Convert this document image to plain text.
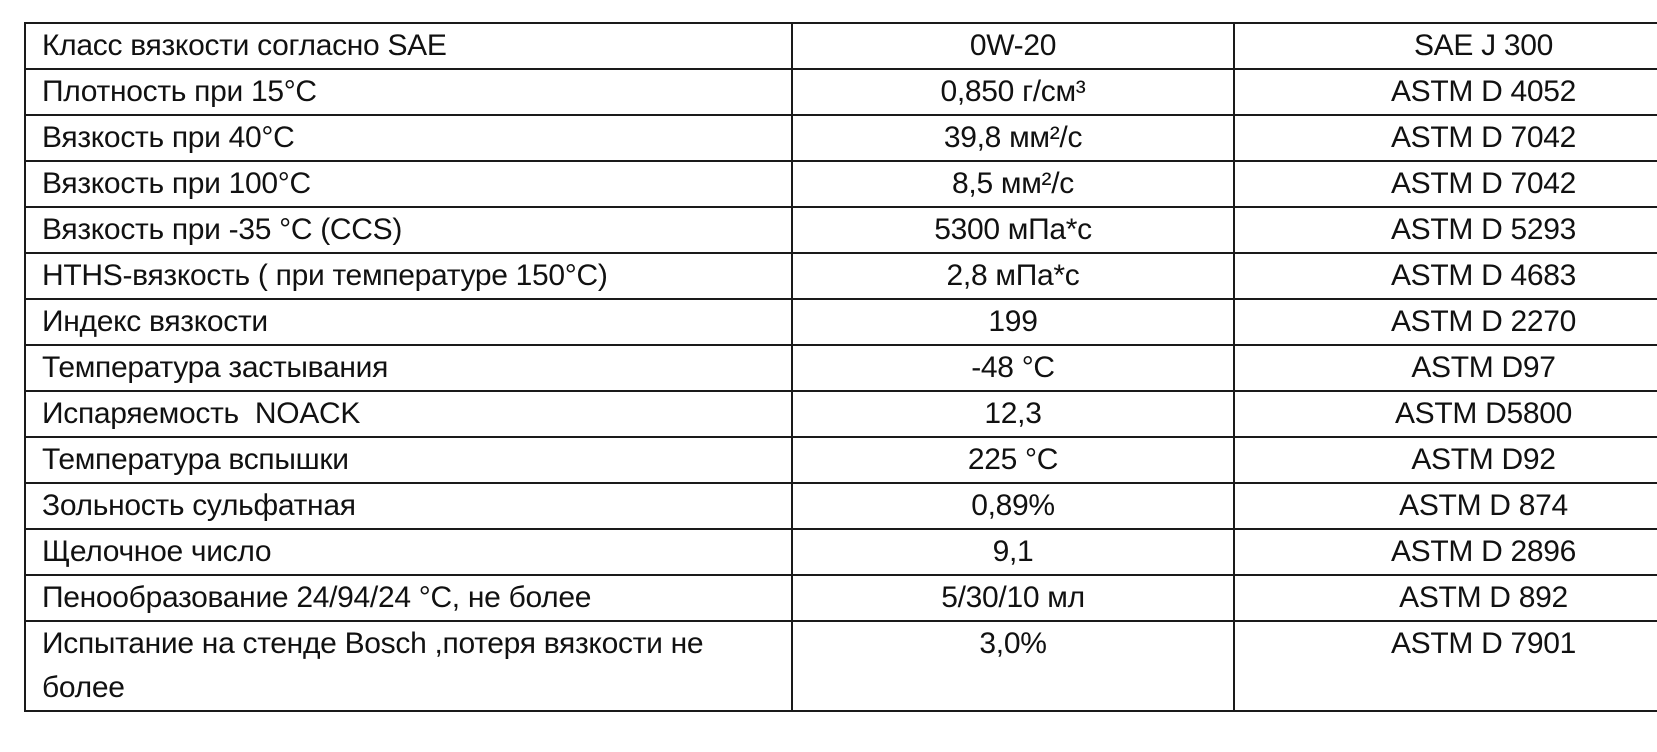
Класс вязкости согласно SAE	0W-20	SAE J 300
Плотность при 15°С	0,850 г/см³	ASTM D 4052
Вязкость при 40°С	39,8 мм²/с	ASTM D 7042
Вязкость при 100°С	8,5 мм²/с	ASTM D 7042
Вязкость при -35 °С (CCS)	5300 мПа*с	ASTM D 5293
HTHS-вязкость ( при температуре 150°С)	2,8 мПа*с	ASTM D 4683
Индекс вязкости	199	ASTM D 2270
Температура застывания	-48 °С	ASTM D97
Испаряемость  NOACK	12,3	ASTM D5800
Температура вспышки	225 °С	ASTM D92
Зольность сульфатная	0,89%	ASTM D 874
Щелочное число	9,1	ASTM D 2896
Пенообразование 24/94/24 °С, не более	5/30/10 мл	ASTM D 892
Испытание на стенде Bosch ,потеря вязкости не более	3,0%	ASTM D 7901
